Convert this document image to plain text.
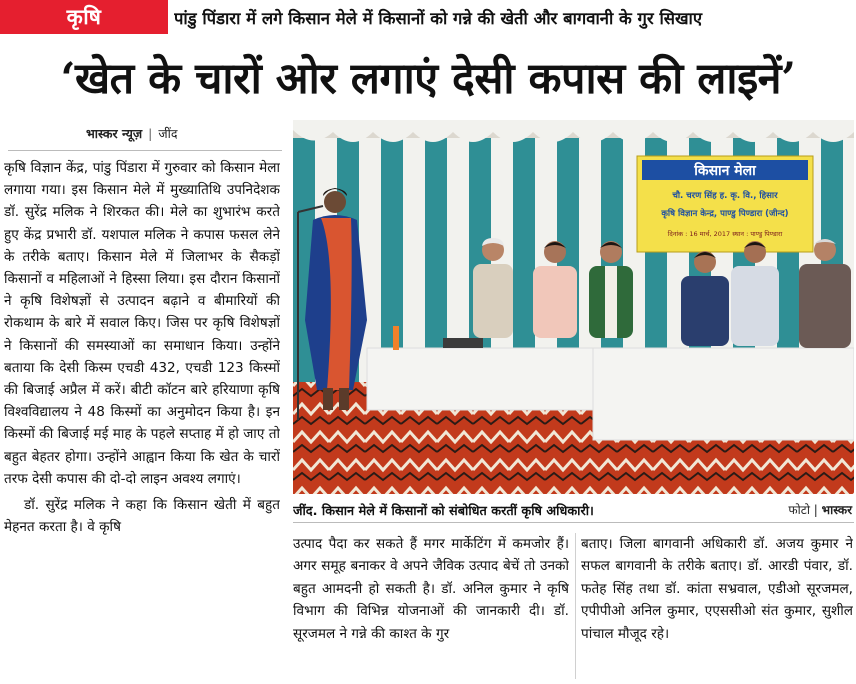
कृषि	पांडु पिंडारा में लगे किसान मेले में किसानों को गन्ने की खेती और बागवानी के गुर सिखाए
‘खेत के चारों ओर लगाएं देसी कपास की लाइनें’
भास्कर न्यूज़ | जींद

कृषि विज्ञान केंद्र, पांडु पिंडारा में गुरुवार को किसान मेला लगाया गया। इस किसान मेले में मुख्यातिथि उपनिदेशक डॉ. सुरेंद्र मलिक ने शिरकत की। मेले का शुभारंभ करते हुए केंद्र प्रभारी डॉ. यशपाल मलिक ने कपास फसल लेने के तरीके बताए। किसान मेले में जिलाभर के सैकड़ों किसानों व महिलाओं ने हिस्सा लिया। इस दौरान किसानों ने कृषि विशेषज्ञों से उत्पादन बढ़ाने व बीमारियों की रोकथाम के बारे में सवाल किए। जिस पर कृषि विशेषज्ञों ने किसानों की समस्याओं का समाधान किया। उन्होंने बताया कि देसी किस्म एचडी 432, एचडी 123 किस्मों की बिजाई अप्रैल में करें। बीटी कॉटन बारे हरियाणा कृषि विश्वविद्यालय ने 48 किस्मों का अनुमोदन किया है। इन किस्मों की बिजाई मई माह के पहले सप्ताह में हो जाए तो बहुत बेहतर होगा। उन्होंने आह्वान किया कि खेत के चारों तरफ देसी कपास की दो-दो लाइन अवश्य लगाएं।

डॉ. सुरेंद्र मलिक ने कहा कि किसान खेती में बहुत मेहनत करता है। वे कृषि

किसान मेला
चौ. चरण सिंह ह. कृ. वि., हिसार
कृषि विज्ञान केन्द्र, पाण्डु पिण्डारा (जीन्द)
दिनांक : 16 मार्च, 2017 स्थान : पाण्डु पिण्डारा
जींद. किसान मेले में किसानों को संबोधित करतीं कृषि अधिकारी।	फोटो | भास्कर
उत्पाद पैदा कर सकते हैं मगर मार्केटिंग में कमजोर हैं। अगर समूह बनाकर वे अपने जैविक उत्पाद बेचें तो उनको बहुत आमदनी हो सकती है। डॉ. अनिल कुमार ने कृषि विभाग की विभिन्न योजनाओं की जानकारी दी। डॉ. सूरजमल ने गन्ने की काश्त के गुर
बताए। जिला बागवानी अधिकारी डॉ. अजय कुमार ने सफल बागवानी के तरीके बताए। डॉ. आरडी पंवार, डॉ. फतेह सिंह तथा डॉ. कांता सभ्रवाल, एडीओ सूरजमल, एपीपीओ अनिल कुमार, एएससीओ संत कुमार, सुशील पांचाल मौजूद रहे।
